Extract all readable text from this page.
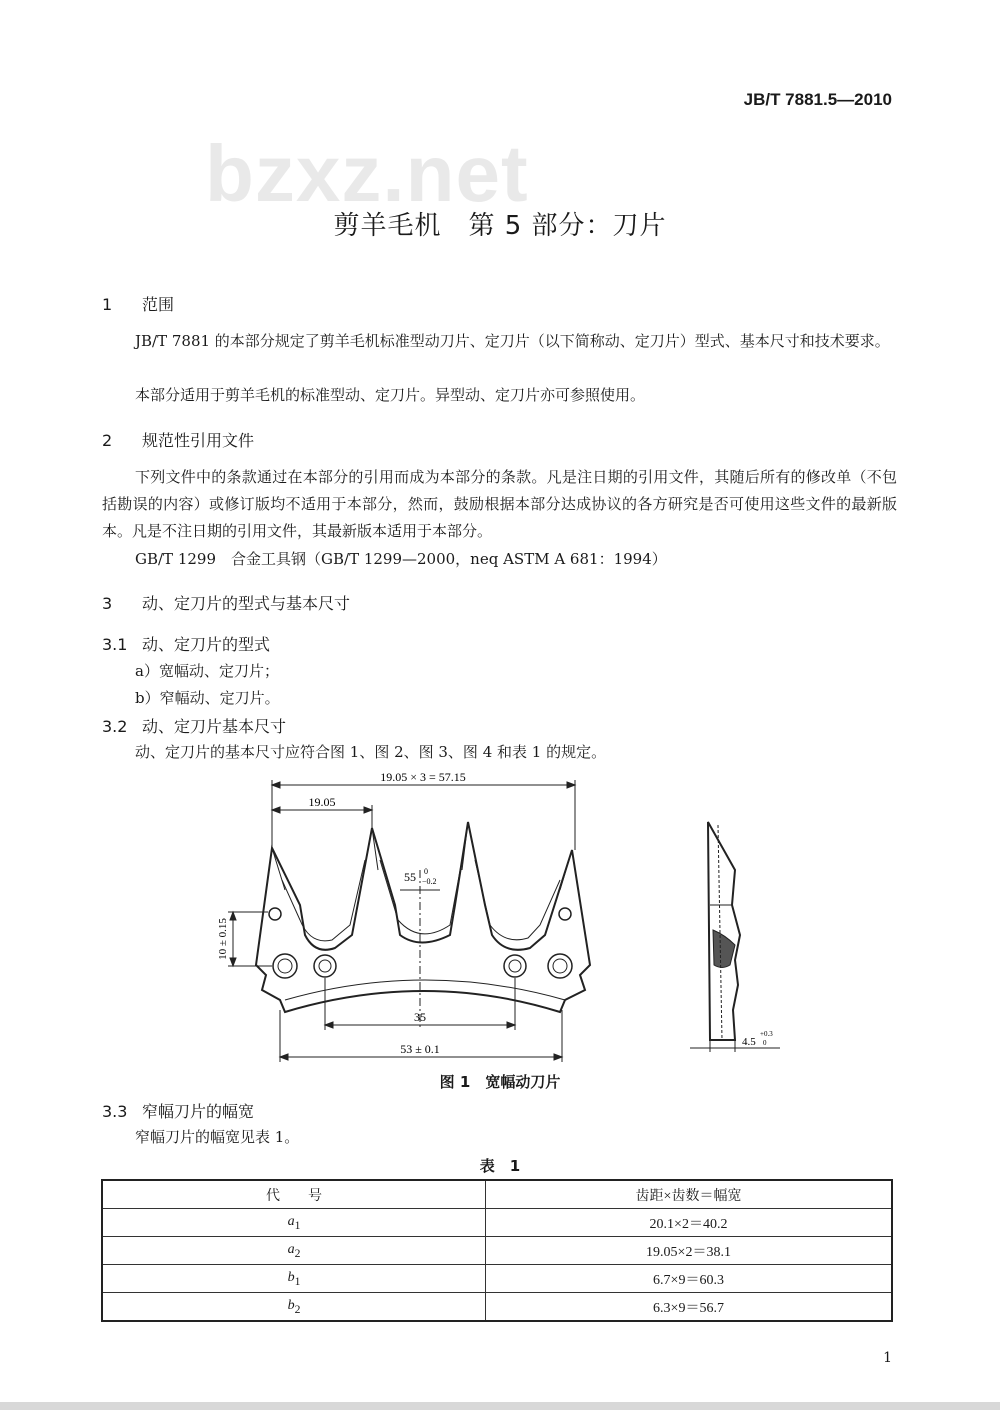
JB/T 7881.5—2010
bzxz.net
剪羊毛机　第 5 部分：刀片
1 范围
JB/T 7881 的本部分规定了剪羊毛机标准型动刀片、定刀片（以下简称动、定刀片）型式、基本尺寸和技术要求。
本部分适用于剪羊毛机的标准型动、定刀片。异型动、定刀片亦可参照使用。
2 规范性引用文件
下列文件中的条款通过在本部分的引用而成为本部分的条款。凡是注日期的引用文件，其随后所有的修改单（不包括勘误的内容）或修订版均不适用于本部分，然而，鼓励根据本部分达成协议的各方研究是否可使用这些文件的最新版本。凡是不注日期的引用文件，其最新版本适用于本部分。
GB/T 1299　合金工具钢（GB/T 1299—2000，neq ASTM A 681：1994）
3 动、定刀片的型式与基本尺寸
3.1 动、定刀片的型式
a）宽幅动、定刀片；
b）窄幅动、定刀片。
3.2 动、定刀片基本尺寸
动、定刀片的基本尺寸应符合图 1、图 2、图 3、图 4 和表 1 的规定。
19.05 × 3 = 57.15
19.05
55 0
−0.2
10 ± 0.15
35
53 ± 0.1	4.5
+0.3
0
图 1　宽幅动刀片
3.3 窄幅刀片的幅宽
窄幅刀片的幅宽见表 1。
表　1
代　　号	齿距×齿数＝幅宽
$a_1$	20.1×2＝40.2
$a_2$	19.05×2＝38.1
$b_1$	6.7×9＝60.3
$b_2$	6.3×9＝56.7
1
